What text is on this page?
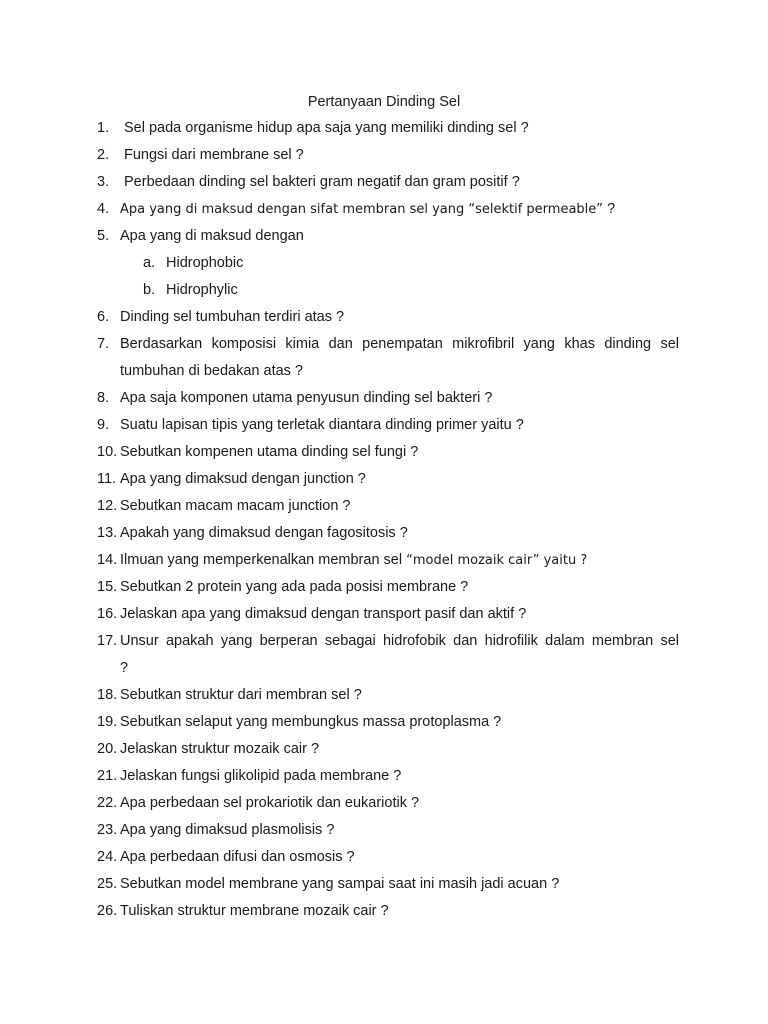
Pertanyaan Dinding Sel
1. Sel pada organisme hidup apa saja yang memiliki dinding sel ?
2. Fungsi dari membrane sel ?
3. Perbedaan dinding sel bakteri gram negatif dan gram positif ?
4. Apa yang di maksud dengan sifat membran sel yang “selektif permeable” ?
5. Apa yang di maksud dengan
a. Hidrophobic
b. Hidrophylic
6. Dinding sel tumbuhan terdiri atas ?
7. Berdasarkan komposisi kimia dan penempatan mikrofibril yang khas dinding sel
tumbuhan di bedakan atas ?
8. Apa saja komponen utama penyusun dinding sel bakteri ?
9. Suatu lapisan tipis yang terletak diantara dinding primer yaitu ?
10. Sebutkan kompenen utama dinding sel fungi ?
11. Apa yang dimaksud dengan junction ?
12. Sebutkan macam macam junction ?
13. Apakah yang dimaksud dengan fagositosis ?
14. Ilmuan yang memperkenalkan membran sel “model mozaik cair” yaitu ?
15. Sebutkan 2 protein yang ada pada posisi membrane ?
16. Jelaskan apa yang dimaksud dengan transport pasif dan aktif ?
17. Unsur apakah yang berperan sebagai hidrofobik dan hidrofilik dalam membran sel
?
18. Sebutkan struktur dari membran sel ?
19. Sebutkan selaput yang membungkus massa protoplasma ?
20. Jelaskan struktur mozaik cair ?
21. Jelaskan fungsi glikolipid pada membrane ?
22. Apa perbedaan sel prokariotik dan eukariotik ?
23. Apa yang dimaksud plasmolisis ?
24. Apa perbedaan difusi dan osmosis ?
25. Sebutkan model membrane yang sampai saat ini masih jadi acuan ?
26. Tuliskan struktur membrane mozaik cair ?
